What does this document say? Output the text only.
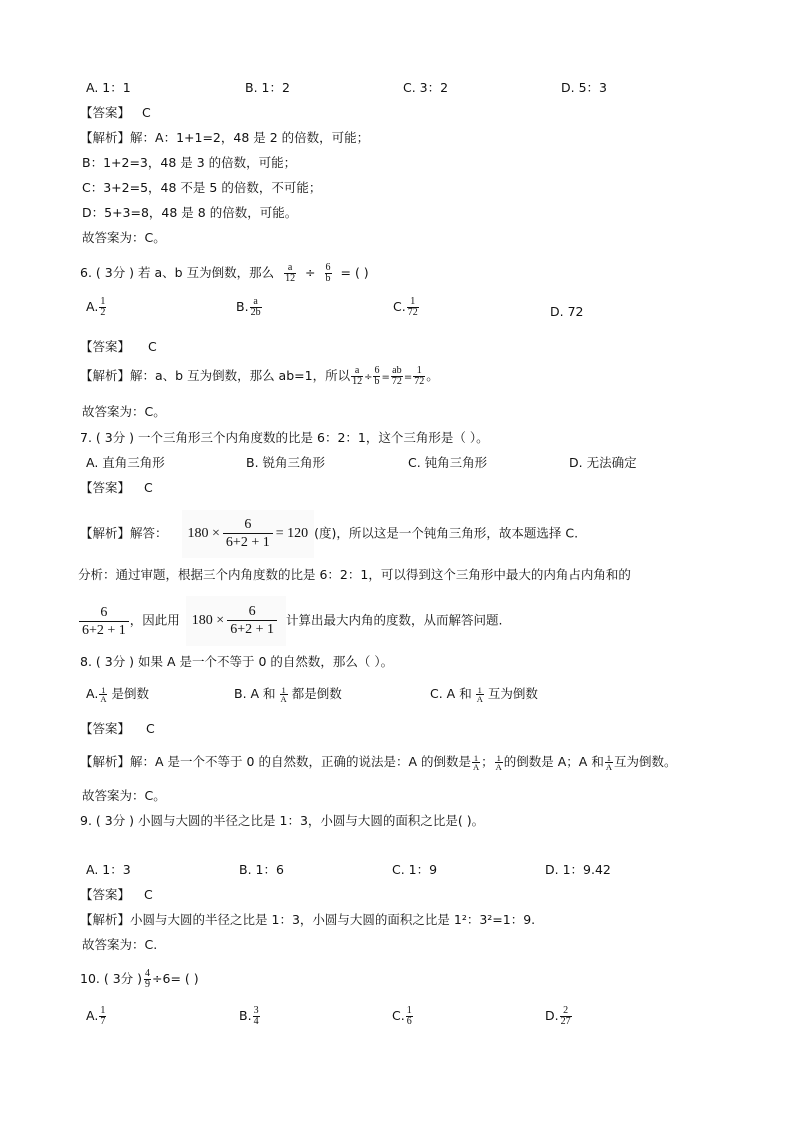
A. 1：1	B. 1：2	C. 3：2	D. 5：3
【答案】 C
【解析】解：A：1+1=2，48 是 2 的倍数，可能；
B：1+2=3，48 是 3 的倍数，可能；
C：3+2=5，48 不是 5 的倍数，不可能；
D：5+3=8，48 是 8 的倍数，可能。
故答案为：C。
6. ( 3分 ) 若 a、b 互为倒数，那么 $\frac{a}{12} \div \frac{6}{b}$ = ( )
A. $\frac{1}{2}$	B. $\frac{a}{2b}$	C. $\frac{1}{72}$	D. 72
【答案】 C
【解析】解：a、b 互为倒数，那么 ab=1，所以 $\frac{a}{12} \div \frac{6}{b} = \frac{ab}{72} = \frac{1}{72}$ 。
故答案为：C。
7. ( 3分 ) 一个三角形三个内角度数的比是 6：2：1，这个三角形是（ ）。
A. 直角三角形	B. 锐角三角形	C. 钝角三角形	D. 无法确定
【答案】 C
【解析】解答： $180 \times \frac{6}{6+2 + 1} = 120$ (度)，所以这是一个钝角三角形，故本题选择 C.
分析：通过审题，根据三个内角度数的比是 6：2：1，可以得到这个三角形中最大的内角占内角和的
$\frac{6}{6+2 + 1}$ ，因此用 $180 \times \frac{6}{6+2 + 1}$ 计算出最大内角的度数，从而解答问题.
8. ( 3分 ) 如果 A 是一个不等于 0 的自然数，那么（ ）。
A. $\frac{1}{A}$ 是倒数	B. A 和 $\frac{1}{A}$ 都是倒数	C. A 和 $\frac{1}{A}$ 互为倒数
【答案】 C
【解析】解：A 是一个不等于 0 的自然数，正确的说法是：A 的倒数是 $\frac{1}{A}$ ； $\frac{1}{A}$ 的倒数是 A；A 和 $\frac{1}{A}$ 互为倒数。
故答案为：C。
9. ( 3分 ) 小圆与大圆的半径之比是 1：3，小圆与大圆的面积之比是( )。
A. 1：3	B. 1：6	C. 1：9	D. 1：9.42
【答案】 C
【解析】小圆与大圆的半径之比是 1：3，小圆与大圆的面积之比是 1²：3²=1：9.
故答案为：C.
10. ( 3分 ) $\frac{4}{9} \div 6=$ ( )
A. $\frac{1}{7}$	B. $\frac{3}{4}$	C. $\frac{1}{6}$	D. $\frac{2}{27}$
